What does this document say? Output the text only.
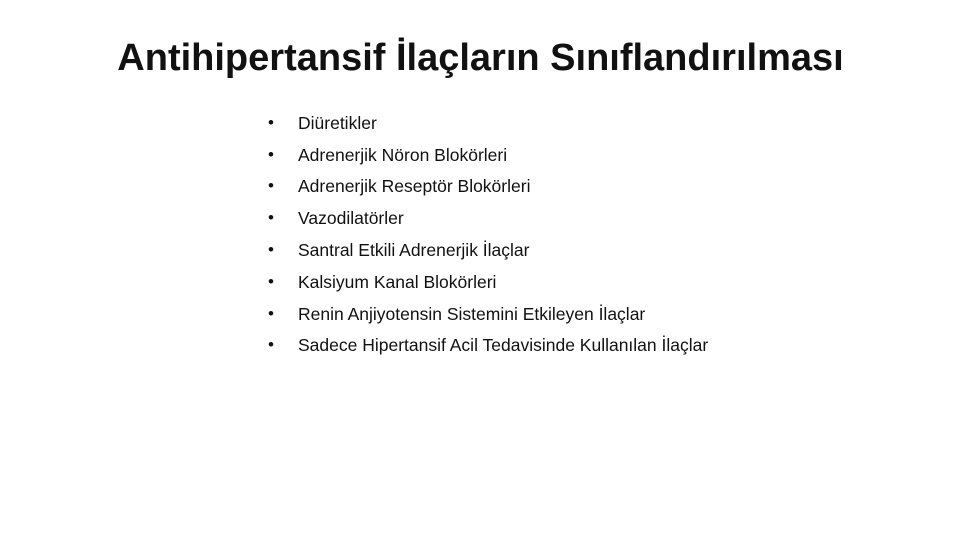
Antihipertansif İlaçların Sınıflandırılması
•	Diüretikler
•	Adrenerjik Nöron Blokörleri
•	Adrenerjik Reseptör Blokörleri
•	Vazodilatörler
•	Santral Etkili Adrenerjik İlaçlar
•	Kalsiyum Kanal Blokörleri
•	Renin Anjiyotensin Sistemini Etkileyen İlaçlar
•	Sadece Hipertansif Acil Tedavisinde Kullanılan İlaçlar
